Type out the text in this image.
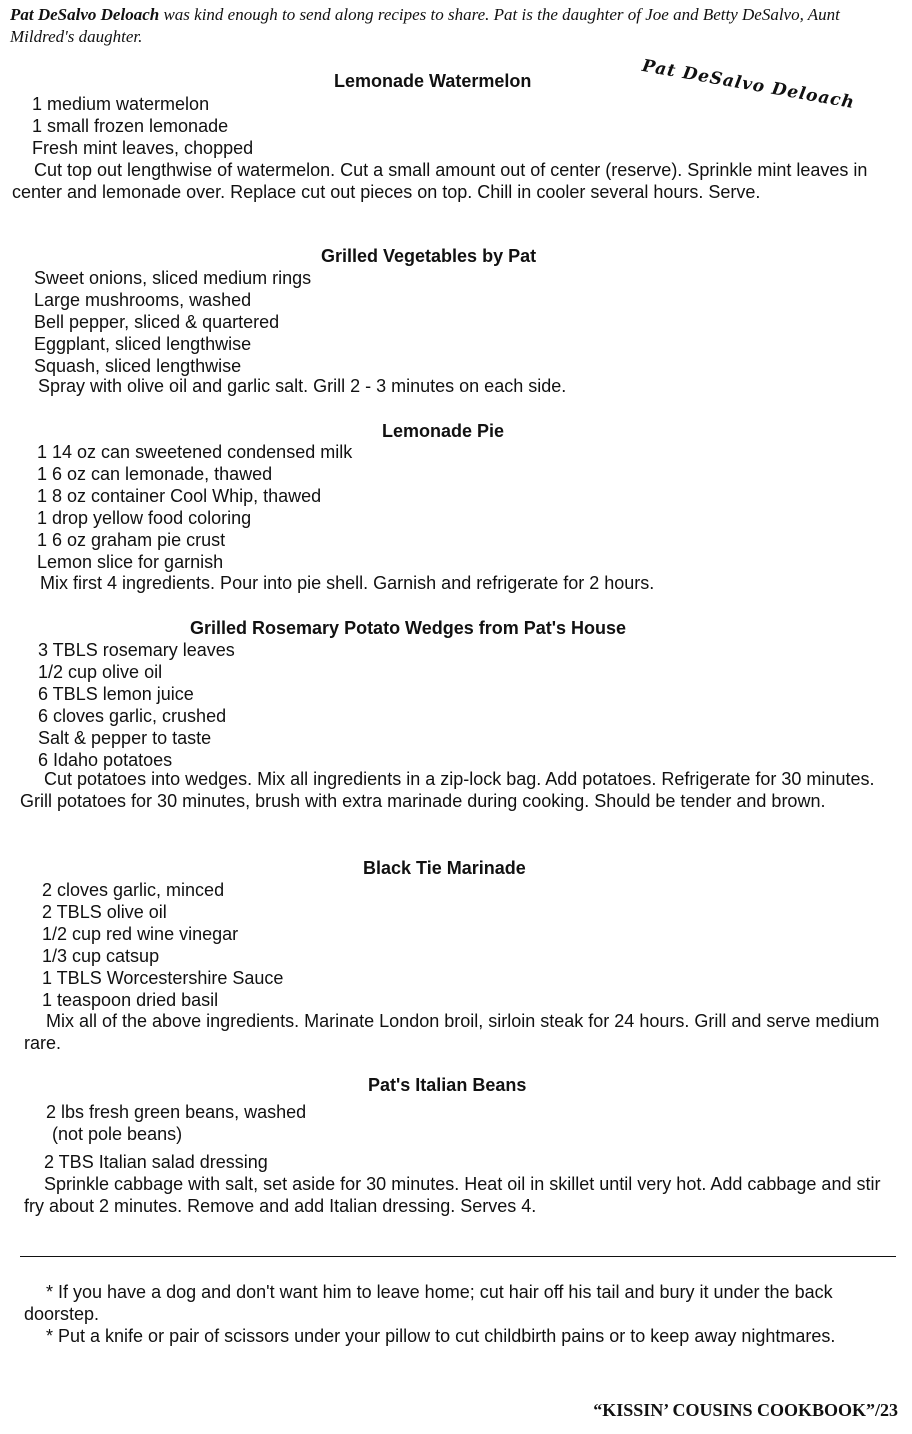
Pat DeSalvo Deloach was kind enough to send along recipes to share. Pat is the daughter of Joe and Betty DeSalvo, Aunt Mildred's daughter.
Pat DeSalvo Deloach
Lemonade Watermelon
1 medium watermelon
1 small frozen lemonade
Fresh mint leaves, chopped
Cut top out lengthwise of watermelon. Cut a small amount out of center (reserve). Sprinkle mint leaves in center and lemonade over. Replace cut out pieces on top. Chill in cooler several hours. Serve.
Grilled Vegetables by Pat
Sweet onions, sliced medium rings
Large mushrooms, washed
Bell pepper, sliced & quartered
Eggplant, sliced lengthwise
Squash, sliced lengthwise
Spray with olive oil and garlic salt. Grill 2 - 3 minutes on each side.
Lemonade Pie
1 14 oz can sweetened condensed milk
1 6 oz can lemonade, thawed
1 8 oz container Cool Whip, thawed
1 drop yellow food coloring
1 6 oz graham pie crust
Lemon slice for garnish
Mix first 4 ingredients. Pour into pie shell. Garnish and refrigerate for 2 hours.
Grilled Rosemary Potato Wedges from Pat's House
3 TBLS rosemary leaves
1/2 cup olive oil
6 TBLS lemon juice
6 cloves garlic, crushed
Salt & pepper to taste
6 Idaho potatoes
Cut potatoes into wedges. Mix all ingredients in a zip-lock bag. Add potatoes. Refrigerate for 30 minutes. Grill potatoes for 30 minutes, brush with extra marinade during cooking. Should be tender and brown.
Black Tie Marinade
2 cloves garlic, minced
2 TBLS olive oil
1/2 cup red wine vinegar
1/3 cup catsup
1 TBLS Worcestershire Sauce
1 teaspoon dried basil
Mix all of the above ingredients. Marinate London broil, sirloin steak for 24 hours. Grill and serve medium rare.
Pat's Italian Beans
2 lbs fresh green beans, washed
(not pole beans)
2 TBS Italian salad dressing
Sprinkle cabbage with salt, set aside for 30 minutes. Heat oil in skillet until very hot. Add cabbage and stir fry about 2 minutes. Remove and add Italian dressing. Serves 4.
* If you have a dog and don't want him to leave home; cut hair off his tail and bury it under the back doorstep.
* Put a knife or pair of scissors under your pillow to cut childbirth pains or to keep away nightmares.
“KISSIN’ COUSINS COOKBOOK”/23
